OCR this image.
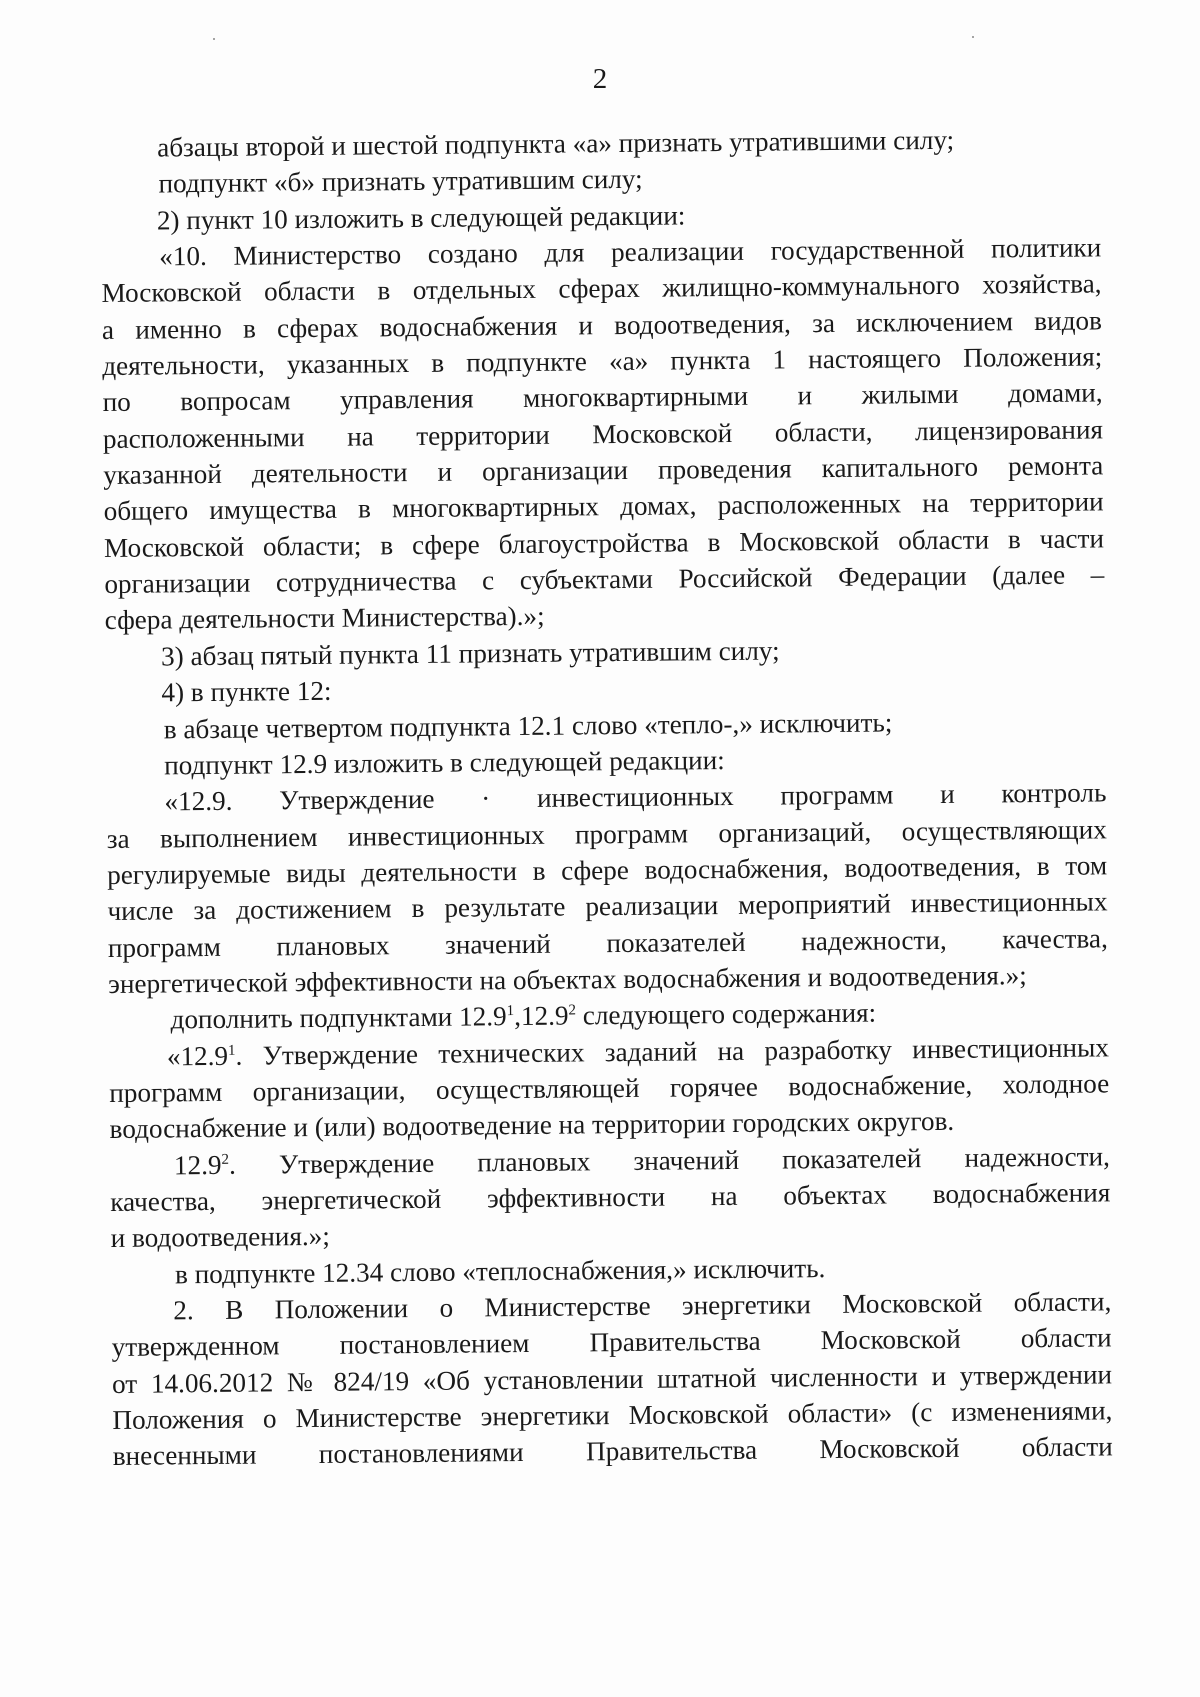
2

абзацы второй и шестой подпункта «а» признать утратившими силу;

подпункт «б» признать утратившим силу;

2) пункт 10 изложить в следующей редакции:

«10. Министерство создано для реализации государственной политики
Московской области в отдельных сферах жилищно-коммунального хозяйства,
а именно в сферах водоснабжения и водоотведения, за исключением видов
деятельности, указанных в подпункте «а» пункта 1 настоящего Положения;
по вопросам управления многоквартирными и жилыми домами,
расположенными на территории Московской области, лицензирования
указанной деятельности и организации проведения капитального ремонта
общего имущества в многоквартирных домах, расположенных на территории
Московской области; в сфере благоустройства в Московской области в части
организации сотрудничества с субъектами Российской Федерации (далее –
сфера деятельности Министерства).»;

3) абзац пятый пункта 11 признать утратившим силу;

4) в пункте 12:

в абзаце четвертом подпункта 12.1 слово «тепло-,» исключить;

подпункт 12.9 изложить в следующей редакции:

«12.9. Утверждение · инвестиционных программ и контроль
за выполнением инвестиционных программ организаций, осуществляющих
регулируемые виды деятельности в сфере водоснабжения, водоотведения, в том
числе за достижением в результате реализации мероприятий инвестиционных
программ плановых значений показателей надежности, качества,
энергетической эффективности на объектах водоснабжения и водоотведения.»;

дополнить подпунктами 12.9$^1$,12.9$^2$ следующего содержания:

«12.9$^1$. Утверждение технических заданий на разработку инвестиционных
программ организации, осуществляющей горячее водоснабжение, холодное
водоснабжение и (или) водоотведение на территории городских округов.
12.9$^2$. Утверждение плановых значений показателей надежности,
качества, энергетической эффективности на объектах водоснабжения
и водоотведения.»;

в подпункте 12.34 слово «теплоснабжения,» исключить.

2. В Положении о Министерстве энергетики Московской области,
утвержденном постановлением Правительства Московской области
от 14.06.2012 № 824/19 «Об установлении штатной численности и утверждении
Положения о Министерстве энергетики Московской области» (с изменениями,
внесенными постановлениями Правительства Московской области
